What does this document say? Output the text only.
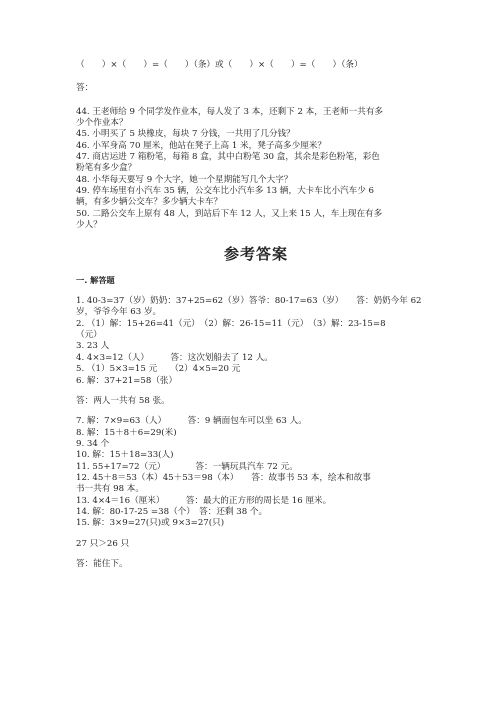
（　　）×（　　）=（　　）（条）或（　　）×（　　）=（　　）（条）
答：
44. 王老师给 9 个同学发作业本，每人发了 3 本，还剩下 2 本，王老师一共有多
少个作业本？
45. 小明买了 5 块橡皮，每块 7 分钱，一共用了几分钱？
46. 小军身高 70 厘米，他站在凳子上高 1 米，凳子高多少厘米？
47. 商店运进 7 箱粉笔，每箱 8 盒，其中白粉笔 30 盒，其余是彩色粉笔，彩色
粉笔有多少盒？
48. 小华每天要写 9 个大字，她一个星期能写几个大字？
49. 停车场里有小汽车 35 辆，公交车比小汽车多 13 辆，大卡车比小汽车少 6
辆，有多少辆公交车？多少辆大卡车？
50. 二路公交车上原有 48 人，到站后下车 12 人，又上来 15 人，车上现在有多
少人？
参考答案
一. 解答题
1. 40-3=37（岁）奶奶：37+25=62（岁）答爷：80-17=63（岁）　　答：奶奶今年 62
岁，爷爷今年 63 岁。
2. （1）解：15+26=41（元）　（2）解：26-15=11（元）　（3）解：23-15=8
（元）
3. 23 人
4. 4×3=12（人）　　　答：这次划船去了 12 人。
5. （1）5×3=15 元　　（2）4×5=20 元
6. 解：37+21=58（张）
答：两人一共有 58 张。
7. 解：7×9=63（人）　　　答：9 辆面包车可以坐 63 人。
8. 解：15＋8＋6=29(米)
9. 34 个
10. 解：15＋18=33(人)
11. 55+17=72（元）　　　　答：一辆玩具汽车 72 元。
12. 45＋8＝53（本）45＋53＝98（本）　　答：故事书 53 本，绘本和故事
书一共有 98 本。
13. 4×4＝16（厘米）　　　答：最大的正方形的周长是 16 厘米。
14. 解：80-17-25 =38（个）　答：还剩 38 个。
15. 解：3×9=27(只)或 9×3=27(只)
27 只＞26 只
答：能住下。
